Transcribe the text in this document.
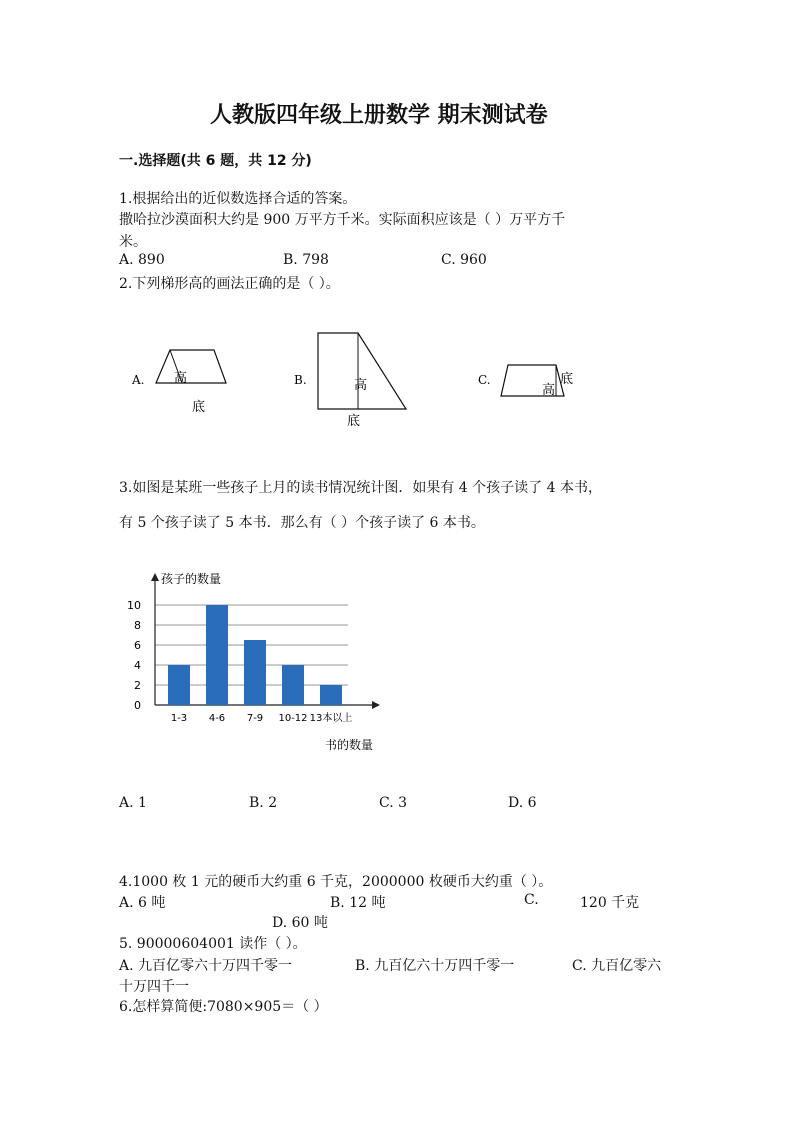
人教版四年级上册数学 期末测试卷
一.选择题(共 6 题，共 12 分)
1.根据给出的近似数选择合适的答案。
撒哈拉沙漠面积大约是 900 万平方千米。实际面积应该是（ ）万平方千
米。
A. 890	B. 798	C. 960
2.下列梯形高的画法正确的是（ ）。
A. 高
底
B.	高
底
C.
高
底
3.如图是某班一些孩子上月的读书情况统计图．如果有 4 个孩子读了 4 本书，
有 5 个孩子读了 5 本书．那么有（ ）个孩子读了 6 本书。
0
2
4
6
8
10
孩子的数量
书的数量
1-3 4-6 7-9 10-12 13本以上
A. 1	B. 2	C. 3	D. 6
4.1000 枚 1 元的硬币大约重 6 千克，2000000 枚硬币大约重（ ）。
A. 6 吨	B. 12 吨	C.	120 千克
D. 60 吨
5. 90000604001 读作（ ）。
A. 九百亿零六十万四千零一	B. 九百亿六十万四千零一	C. 九百亿零六
十万四千一
6.怎样算简便:7080×905＝（ ）
